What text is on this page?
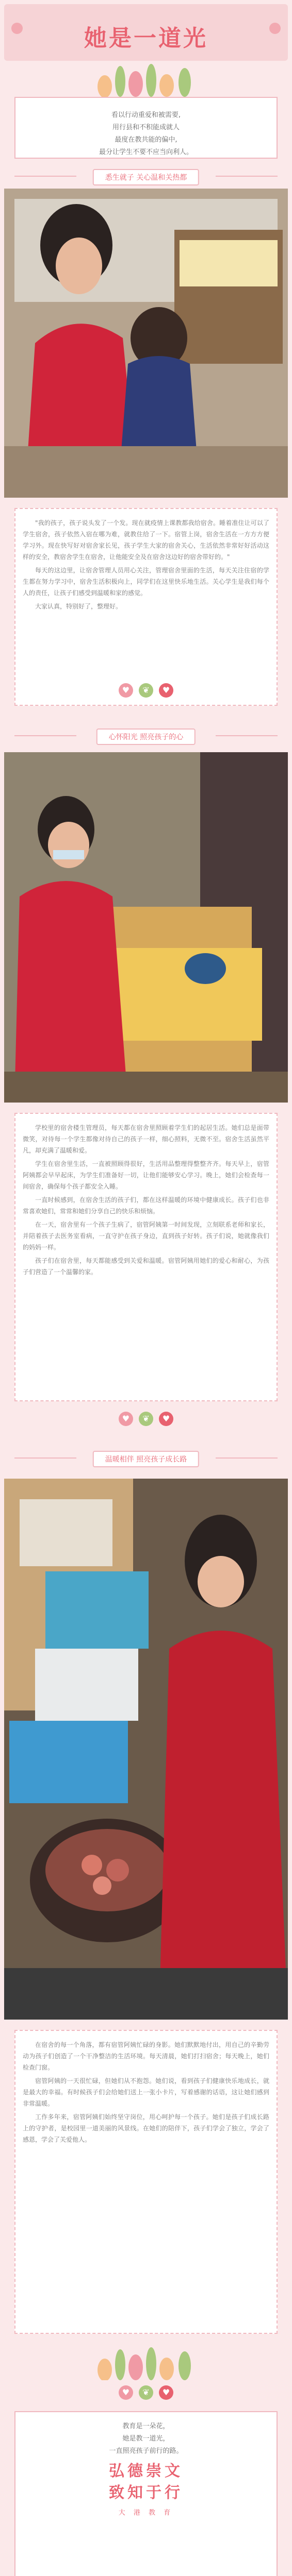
她是一道光
看以行动重爱和被需要,
用行县和不积能成就人
最度在教共能的偏中,
最分让学生不要不应当向利人。
悉生就子 关心温和关热都

"我的孩子，孩子说头发了一个发。现在就疫情上课教都我给宿舍。睡着准住让可以了学生宿舍，孩子依然入宿在哪为难，就教住给了一下。宿管上岗，宿舍生活在一方方方便学习外。现在快写好对宿舍家长见，孩子学生大家的宿舍关心，生活依然非常好好活动这样的安全，教宿舍学生在宿舍，让他能安全及在宿舍这边好的宿舍带好的。"

每天的这边里，让宿舍管理人员用心关注，管理宿舍里面的生活，每天关注住宿的学生都在努力学习中，宿舍生活积极向上，同学们在这里快乐地生活。关心学生是我们每个人的责任，让孩子们感受到温暖和家的感觉。

大家认真，特别好了，整理好。

♥ ❦ ♥
心怀阳光 照亮孩子的心

学校里的宿舍楼生管理员，每天都在宿舍里照顾着学生们的起居生活。她们总是面带微笑，对待每一个学生都像对待自己的孩子一样，细心照料，无微不至。宿舍生活虽然平凡，却充满了温暖和爱。

学生在宿舍里生活，一直被照顾得很好，生活用品整理得整整齐齐。每天早上，宿管阿姨都会早早起床，为学生们准备好一切，让他们能够安心学习。晚上，她们会检查每一间宿舍，确保每个孩子都安全入睡。

一直时候感到，在宿舍生活的孩子们，都在这样温暖的环境中健康成长。孩子们也非常喜欢她们，常常和她们分享自己的快乐和烦恼。

在一天，宿舍里有一个孩子生病了，宿管阿姨第一时间发现，立刻联系老师和家长，并陪着孩子去医务室看病，一直守护在孩子身边，直到孩子好转。孩子们说，她就像我们的妈妈一样。

孩子们在宿舍里，每天都能感受到关爱和温暖。宿管阿姨用她们的爱心和耐心，为孩子们营造了一个温馨的家。

♥ ❦ ♥
温暖相伴 照亮孩子成长路

在宿舍的每一个角落，都有宿管阿姨忙碌的身影。她们默默地付出，用自己的辛勤劳动为孩子们创造了一个干净整洁的生活环境。每天清晨，她们打扫宿舍；每天晚上，她们检查门窗。

宿管阿姨的一天很忙碌，但她们从不抱怨。她们说，看到孩子们健康快乐地成长，就是最大的幸福。有时候孩子们会给她们送上一张小卡片，写着感谢的话语，这让她们感到非常温暖。

工作多年来，宿管阿姨们始终坚守岗位，用心呵护每一个孩子。她们是孩子们成长路上的守护者，是校园里一道美丽的风景线。在她们的陪伴下，孩子们学会了独立，学会了感恩，学会了关爱他人。

♥ ❦ ♥
教育是一朵花，
她是教一道光，
一直照亮孩子前行的路。
弘德崇文
致知于行
大 港 教 育
